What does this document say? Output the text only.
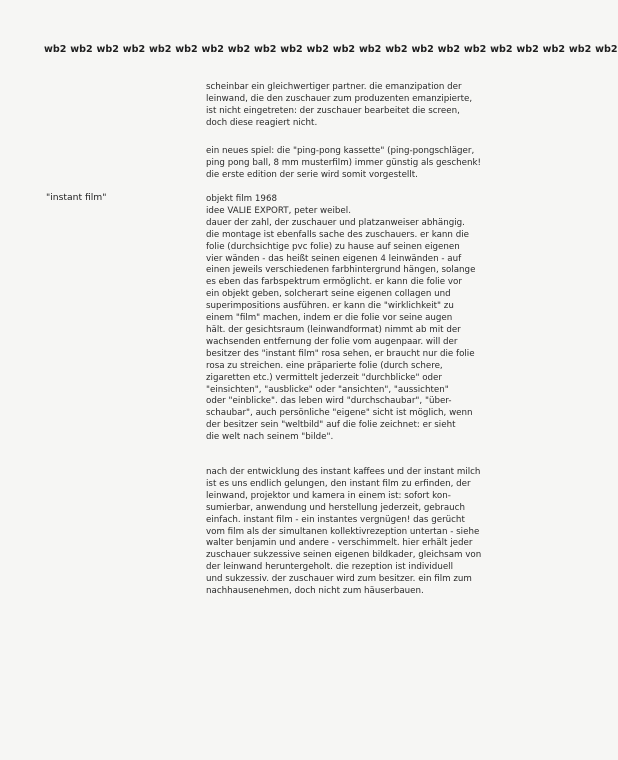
wb2 wb2 wb2 wb2 wb2 wb2 wb2 wb2 wb2 wb2 wb2 wb2 wb2 wb2 wb2 wb2 wb2 wb2 wb2 wb2 wb2 wb2
"instant film"
scheinbar ein gleichwertiger partner. die emanzipation der
leinwand, die den zuschauer zum produzenten emanzipierte,
ist nicht eingetreten: der zuschauer bearbeitet die screen,
doch diese reagiert nicht.
ein neues spiel: die "ping-pong kassette" (ping-pongschläger,
ping pong ball, 8 mm musterfilm) immer günstig als geschenk!
die erste edition der serie wird somit vorgestellt.
objekt film 1968
idee VALIE EXPORT, peter weibel.
dauer der zahl, der zuschauer und platzanweiser abhängig.
die montage ist ebenfalls sache des zuschauers. er kann die
folie (durchsichtige pvc folie) zu hause auf seinen eigenen
vier wänden - das heißt seinen eigenen 4 leinwänden - auf
einen jeweils verschiedenen farbhintergrund hängen, solange
es eben das farbspektrum ermöglicht. er kann die folie vor
ein objekt geben, solcherart seine eigenen collagen und
superimpositions ausführen. er kann die "wirklichkeit" zu
einem "film" machen, indem er die folie vor seine augen
hält. der gesichtsraum (leinwandformat) nimmt ab mit der
wachsenden entfernung der folie vom augenpaar. will der
besitzer des "instant film" rosa sehen, er braucht nur die folie
rosa zu streichen. eine präparierte folie (durch schere,
zigaretten etc.) vermittelt jederzeit "durchblicke" oder
"einsichten", "ausblicke" oder "ansichten", "aussichten"
oder "einblicke". das leben wird "durchschaubar", "über-
schaubar", auch persönliche "eigene" sicht ist möglich, wenn
der besitzer sein "weltbild" auf die folie zeichnet: er sieht
die welt nach seinem "bilde".
nach der entwicklung des instant kaffees und der instant milch
ist es uns endlich gelungen, den instant film zu erfinden, der
leinwand, projektor und kamera in einem ist: sofort kon-
sumierbar, anwendung und herstellung jederzeit, gebrauch
einfach. instant film - ein instantes vergnügen! das gerücht
vom film als der simultanen kollektivrezeption untertan - siehe
walter benjamin und andere - verschimmelt. hier erhält jeder
zuschauer sukzessive seinen eigenen bildkader, gleichsam von
der leinwand heruntergeholt. die rezeption ist individuell
und sukzessiv. der zuschauer wird zum besitzer. ein film zum
nachhausenehmen, doch nicht zum häuserbauen.
